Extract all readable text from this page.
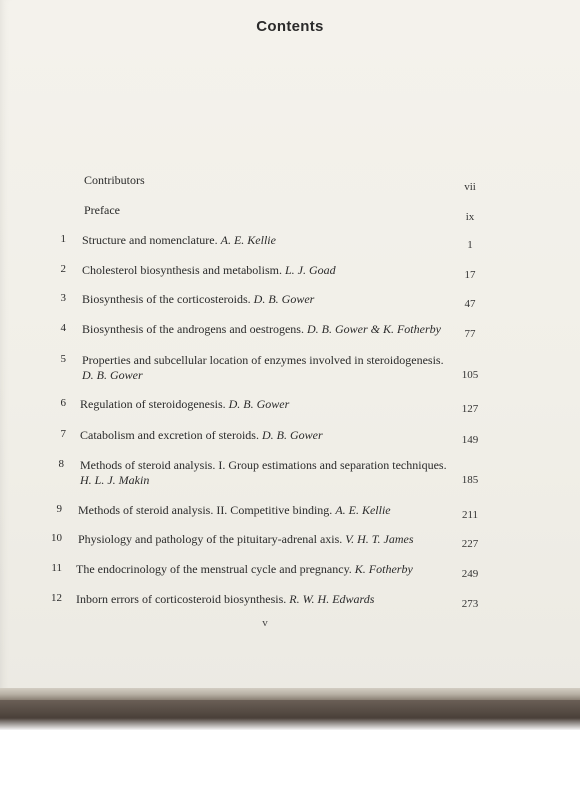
Contents
Contributors	vii
Preface	ix
1 Structure and nomenclature. A. E. Kellie	1
2 Cholesterol biosynthesis and metabolism. L. J. Goad	17
3 Biosynthesis of the corticosteroids. D. B. Gower	47
4 Biosynthesis of the androgens and oestrogens. D. B. Gower & K. Fotherby	77
5 Properties and subcellular location of enzymes involved in steroidogenesis. D. B. Gower	105
6 Regulation of steroidogenesis. D. B. Gower	127
7 Catabolism and excretion of steroids. D. B. Gower	149
8 Methods of steroid analysis. I. Group estimations and separation techniques. H. L. J. Makin	185
9 Methods of steroid analysis. II. Competitive binding. A. E. Kellie	211
10 Physiology and pathology of the pituitary-adrenal axis. V. H. T. James	227
11 The endocrinology of the menstrual cycle and pregnancy. K. Fotherby	249
12 Inborn errors of corticosteroid biosynthesis. R. W. H. Edwards	273
v
